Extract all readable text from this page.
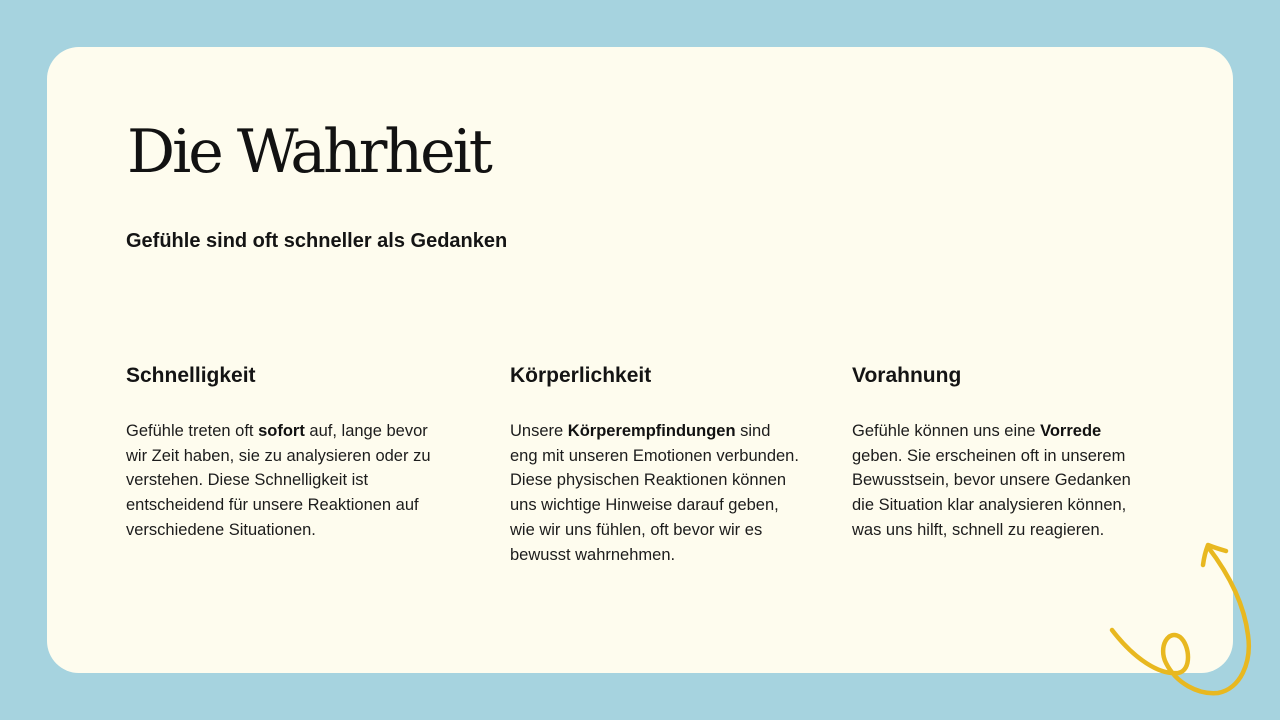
Die Wahrheit
Gefühle sind oft schneller als Gedanken
Schnelligkeit

Gefühle treten oft sofort auf, lange bevor wir Zeit haben, sie zu analysieren oder zu verstehen. Diese Schnelligkeit ist entscheidend für unsere Reaktionen auf verschiedene Situationen.

Körperlichkeit

Unsere Körperempfindungen sind eng mit unseren Emotionen verbunden. Diese physischen Reaktionen können uns wichtige Hinweise darauf geben, wie wir uns fühlen, oft bevor wir es bewusst wahrnehmen.

Vorahnung

Gefühle können uns eine Vorrede geben. Sie erscheinen oft in unserem Bewusstsein, bevor unsere Gedanken die Situation klar analysieren können, was uns hilft, schnell zu reagieren.
